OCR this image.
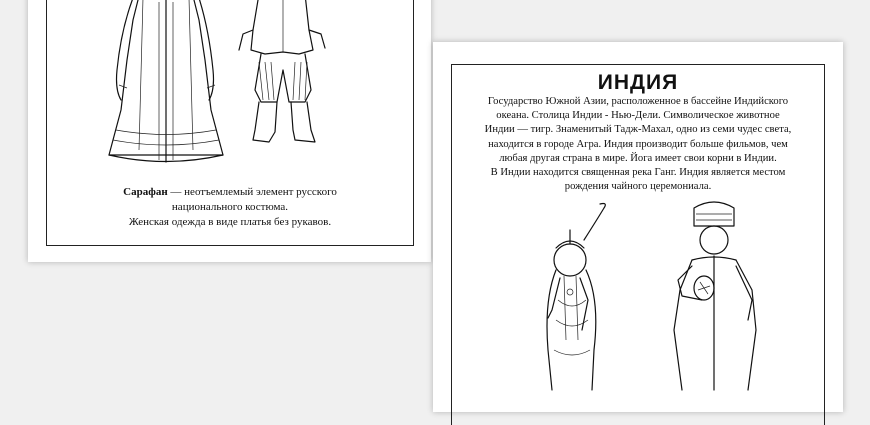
Сарафан — неотъемлемый элемент русского
национального костюма.
Женская одежда в виде платья без рукавов.
ИНДИЯ
Государство Южной Азии, расположенное в бассейне Индийского
океана. Столица Индии - Нью-Дели. Символическое животное
Индии — тигр. Знаменитый Тадж-Махал, одно из семи чудес света,
находится в городе Агра. Индия производит больше фильмов, чем
любая другая страна в мире. Йога имеет свои корни в Индии.
В Индии находится священная река Ганг. Индия является местом
рождения чайного церемониала.
